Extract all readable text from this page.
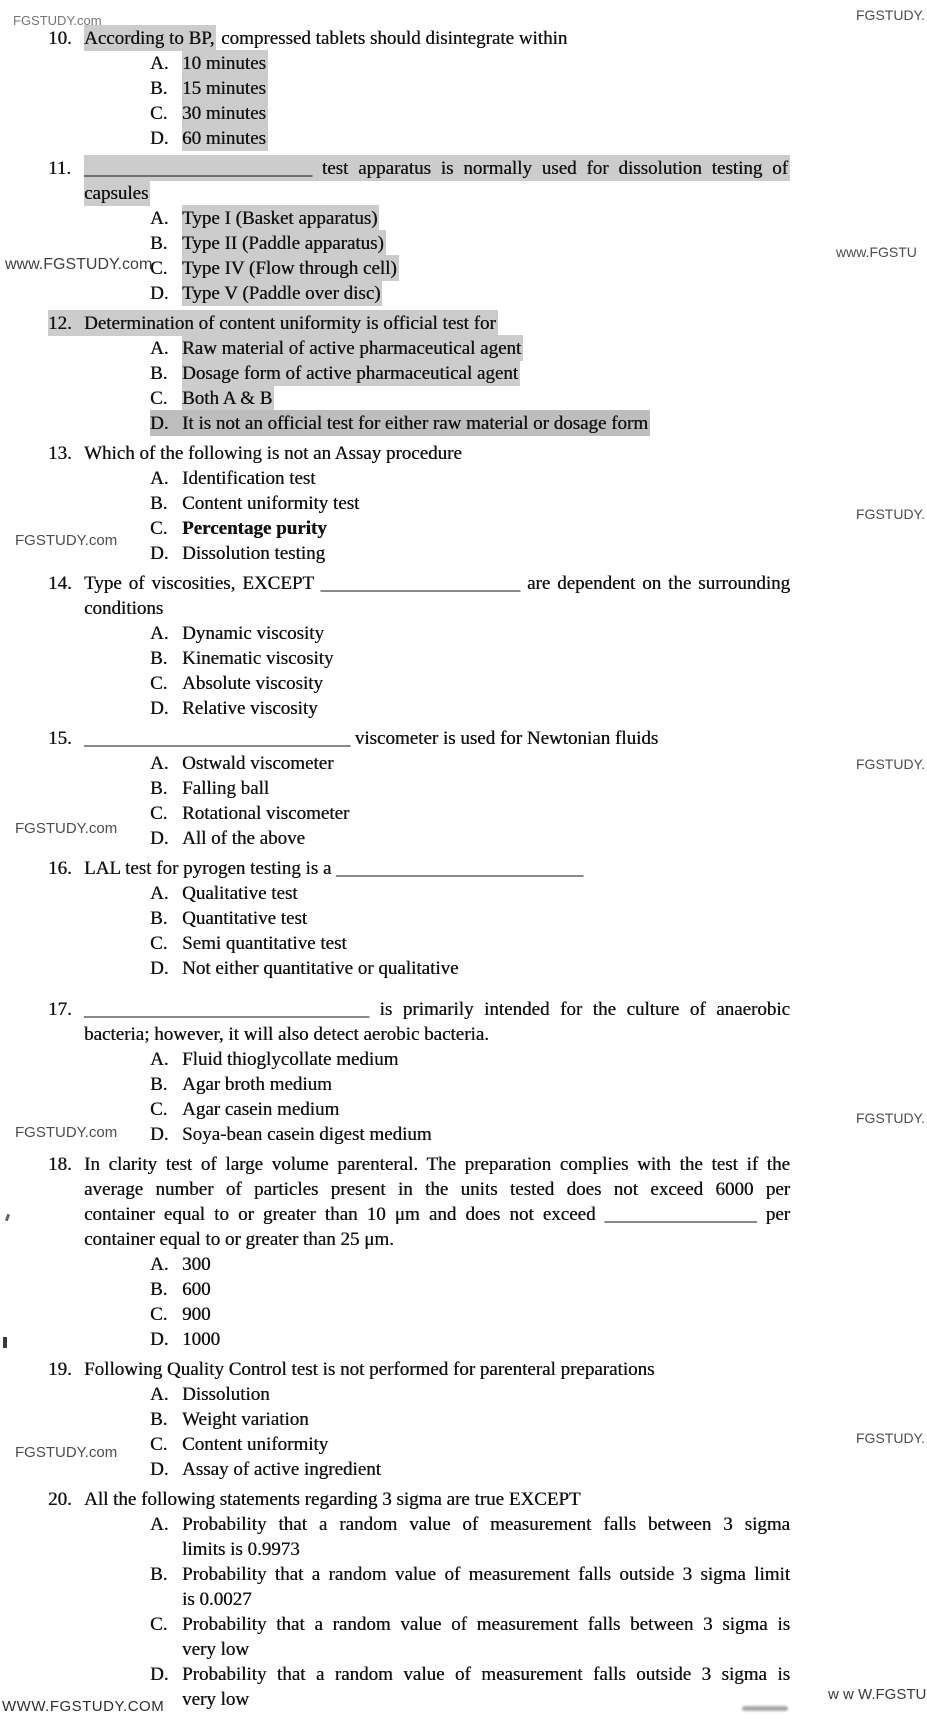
10. According to BP, compressed tablets should disintegrate within
A. 10 minutes
B. 15 minutes
C. 30 minutes
D. 60 minutes
11. ________________________ test apparatus is normally used for dissolution testing of
capsules
A. Type I (Basket apparatus)
B. Type II (Paddle apparatus)
C. Type IV (Flow through cell)
D. Type V (Paddle over disc)
12. Determination of content uniformity is official test for
A. Raw material of active pharmaceutical agent
B. Dosage form of active pharmaceutical agent
C. Both A & B
D. It is not an official test for either raw material or dosage form
13. Which of the following is not an Assay procedure
A. Identification test
B. Content uniformity test
C. Percentage purity
D. Dissolution testing
14. Type of viscosities, EXCEPT _____________________ are dependent on the surrounding
conditions
A. Dynamic viscosity
B. Kinematic viscosity
C. Absolute viscosity
D. Relative viscosity
15. ____________________________ viscometer is used for Newtonian fluids
A. Ostwald viscometer
B. Falling ball
C. Rotational viscometer
D. All of the above
16. LAL test for pyrogen testing is a __________________________
A. Qualitative test
B. Quantitative test
C. Semi quantitative test
D. Not either quantitative or qualitative
17. ______________________________ is primarily intended for the culture of anaerobic
bacteria; however, it will also detect aerobic bacteria.
A. Fluid thioglycollate medium
B. Agar broth medium
C. Agar casein medium
D. Soya-bean casein digest medium
18. In clarity test of large volume parenteral. The preparation complies with the test if the
average number of particles present in the units tested does not exceed 6000 per
container equal to or greater than 10 μm and does not exceed ________________ per
container equal to or greater than 25 μm.
A. 300
B. 600
C. 900
D. 1000
19. Following Quality Control test is not performed for parenteral preparations
A. Dissolution
B. Weight variation
C. Content uniformity
D. Assay of active ingredient
20. All the following statements regarding 3 sigma are true EXCEPT
A. Probability that a random value of measurement falls between 3 sigma
limits is 0.9973
B. Probability that a random value of measurement falls outside 3 sigma limit
is 0.0027
C. Probability that a random value of measurement falls between 3 sigma is
very low
D. Probability that a random value of measurement falls outside 3 sigma is
very low
FGSTUDY.com
www.FGSTUDY.com
FGSTUDY.com
FGSTUDY.com
FGSTUDY.com
FGSTUDY.com
WWW.FGSTUDY.COM
FGSTUDY.
www.FGSTU
FGSTUDY.
FGSTUDY.
FGSTUDY.
FGSTUDY.
w w W.FGSTU
